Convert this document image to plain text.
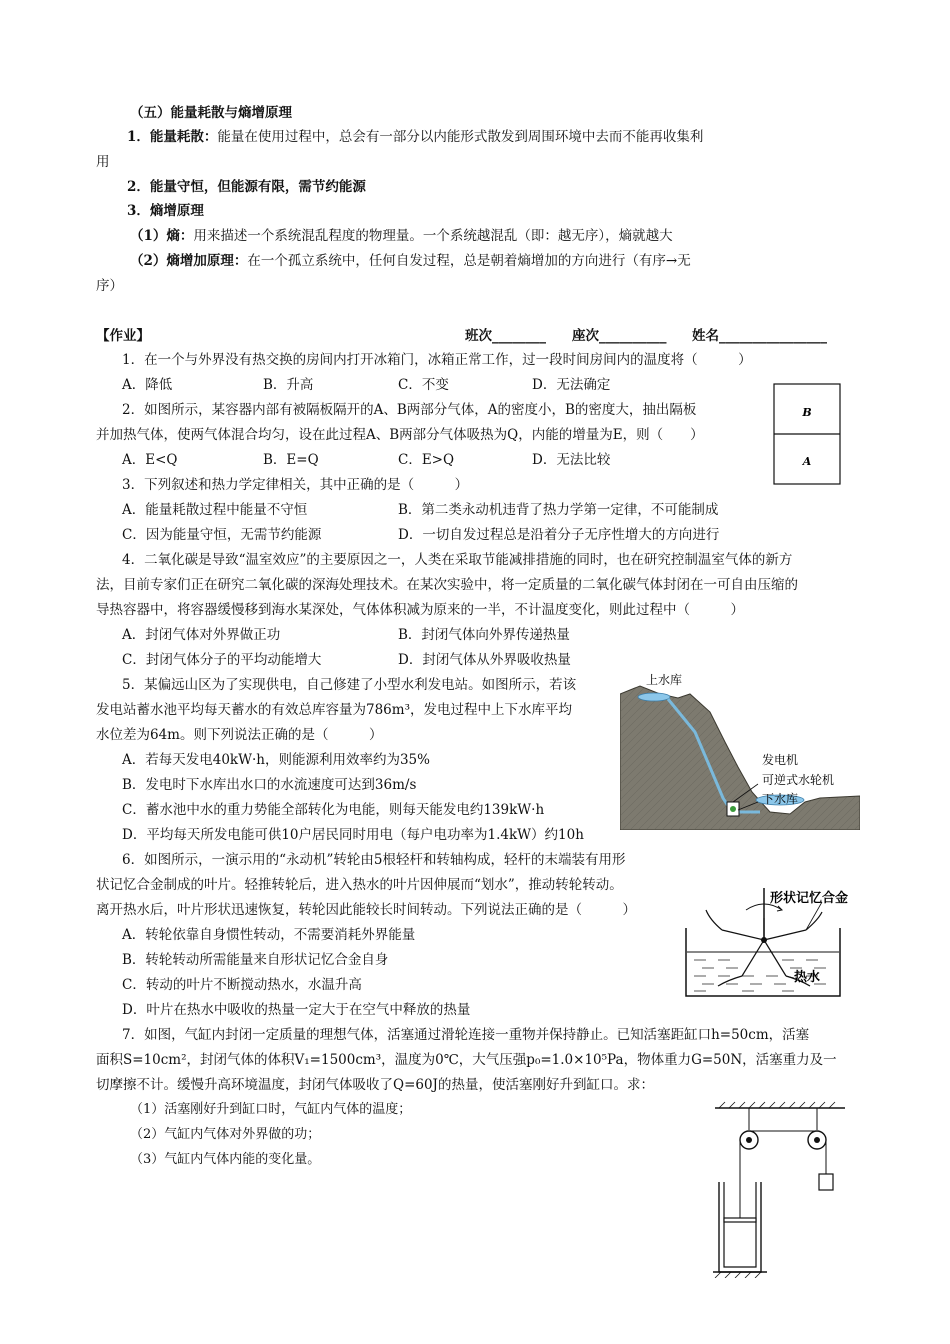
（五）能量耗散与熵增原理
1．能量耗散：能量在使用过程中，总会有一部分以内能形式散发到周围环境中去而不能再收集利
用
2．能量守恒，但能源有限，需节约能源
3．熵增原理
（1）熵：用来描述一个系统混乱程度的物理量。一个系统越混乱（即：越无序），熵就越大
（2）熵增加原理：在一个孤立系统中，任何自发过程，总是朝着熵增加的方向进行（有序→无
序）
【作业】	班次________ 座次__________ 姓名________________
1．在一个与外界没有热交换的房间内打开冰箱门，冰箱正常工作，过一段时间房间内的温度将（　　　）
A．降低	B．升高	C．不变	D．无法确定
2．如图所示，某容器内部有被隔板隔开的A、B两部分气体，A的密度小，B的密度大，抽出隔板
并加热气体，使两气体混合均匀，设在此过程A、B两部分气体吸热为Q，内能的增量为E，则（　　）
A．E<Q	B．E=Q	C．E>Q	D．无法比较
B
A
3．下列叙述和热力学定律相关，其中正确的是（　　　）
A．能量耗散过程中能量不守恒	B．第二类永动机违背了热力学第一定律，不可能制成
C．因为能量守恒，无需节约能源	D．一切自发过程总是沿着分子无序性增大的方向进行
4．二氧化碳是导致“温室效应”的主要原因之一，人类在采取节能减排措施的同时，也在研究控制温室气体的新方
法，目前专家们正在研究二氧化碳的深海处理技术。在某次实验中，将一定质量的二氧化碳气体封闭在一可自由压缩的
导热容器中，将容器缓慢移到海水某深处，气体体积减为原来的一半，不计温度变化，则此过程中（　　　）
A．封闭气体对外界做正功	B．封闭气体向外界传递热量
C．封闭气体分子的平均动能增大	D．封闭气体从外界吸收热量
5．某偏远山区为了实现供电，自己修建了小型水利发电站。如图所示，若该
发电站蓄水池平均每天蓄水的有效总库容量为786m³，发电过程中上下水库平均
水位差为64m。则下列说法正确的是（　　　）
A．若每天发电40kW·h，则能源利用效率约为35%
B．发电时下水库出水口的水流速度可达到36m/s
C．蓄水池中水的重力势能全部转化为电能，则每天能发电约139kW·h
D．平均每天所发电能可供10户居民同时用电（每户电功率为1.4kW）约10h
上水库
发电机
可逆式水轮机
下水库
6．如图所示，一演示用的“永动机”转轮由5根轻杆和转轴构成，轻杆的末端装有用形
状记忆合金制成的叶片。轻推转轮后，进入热水的叶片因伸展而“划水”，推动转轮转动。
离开热水后，叶片形状迅速恢复，转轮因此能较长时间转动。下列说法正确的是（　　　）
A．转轮依靠自身惯性转动，不需要消耗外界能量
B．转轮转动所需能量来自形状记忆合金自身
C．转动的叶片不断搅动热水，水温升高
D．叶片在热水中吸收的热量一定大于在空气中释放的热量
形状记忆合金
热水
7．如图，气缸内封闭一定质量的理想气体，活塞通过滑轮连接一重物并保持静止。已知活塞距缸口h=50cm，活塞
面积S=10cm²，封闭气体的体积V₁=1500cm³，温度为0℃，大气压强p₀=1.0×10⁵Pa，物体重力G=50N，活塞重力及一
切摩擦不计。缓慢升高环境温度，封闭气体吸收了Q=60J的热量，使活塞刚好升到缸口。求：
（1）活塞刚好升到缸口时，气缸内气体的温度；
（2）气缸内气体对外界做的功；
（3）气缸内气体内能的变化量。
